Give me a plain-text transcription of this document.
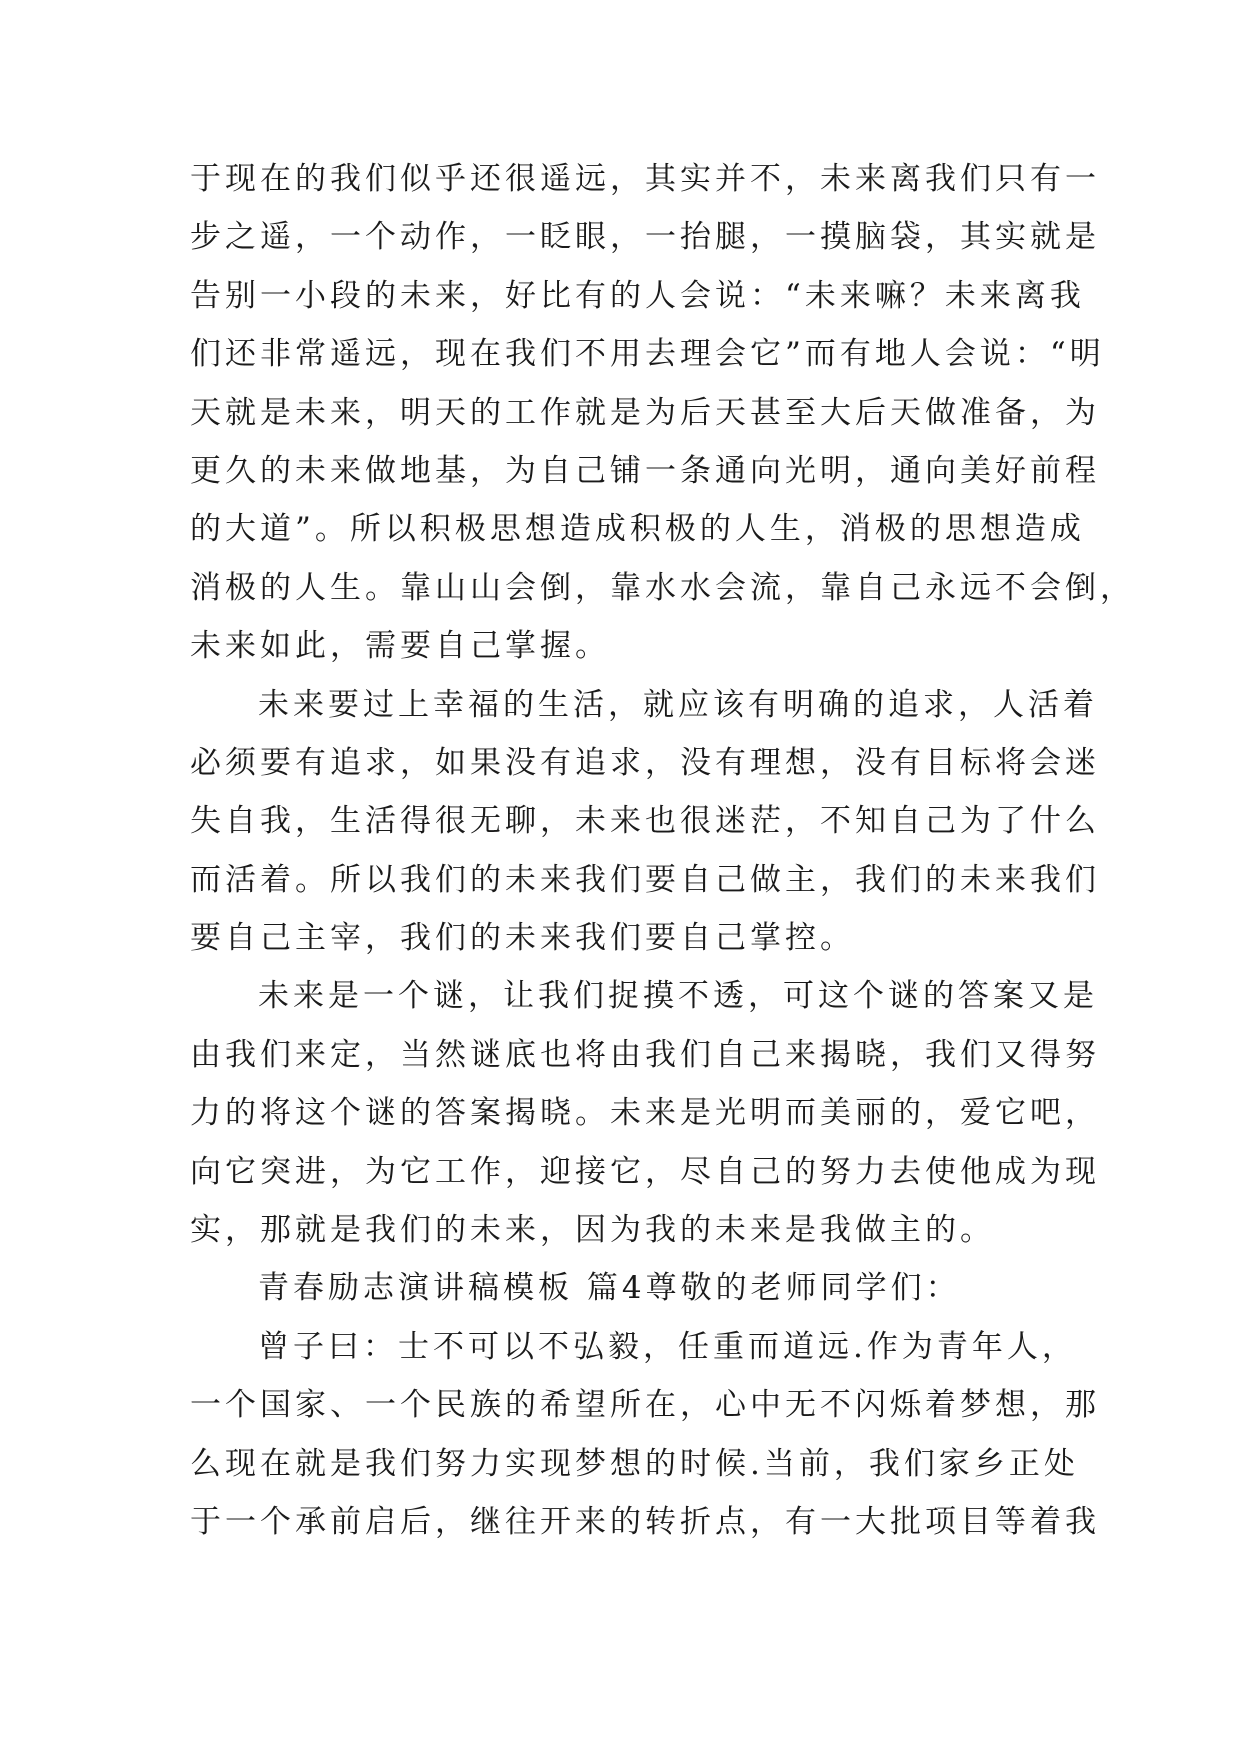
于现在的我们似乎还很遥远，其实并不，未来离我们只有一
步之遥，一个动作，一眨眼，一抬腿，一摸脑袋，其实就是
告别一小段的未来，好比有的人会说：“未来嘛？未来离我
们还非常遥远，现在我们不用去理会它”而有地人会说：“明
天就是未来，明天的工作就是为后天甚至大后天做准备，为
更久的未来做地基，为自己铺一条通向光明，通向美好前程
的大道”。所以积极思想造成积极的人生，消极的思想造成
消极的人生。靠山山会倒，靠水水会流，靠自己永远不会倒，
未来如此，需要自己掌握。
未来要过上幸福的生活，就应该有明确的追求，人活着
必须要有追求，如果没有追求，没有理想，没有目标将会迷
失自我，生活得很无聊，未来也很迷茫，不知自己为了什么
而活着。所以我们的未来我们要自己做主，我们的未来我们
要自己主宰，我们的未来我们要自己掌控。
未来是一个谜，让我们捉摸不透，可这个谜的答案又是
由我们来定，当然谜底也将由我们自己来揭晓，我们又得努
力的将这个谜的答案揭晓。未来是光明而美丽的，爱它吧，
向它突进，为它工作，迎接它，尽自己的努力去使他成为现
实，那就是我们的未来，因为我的未来是我做主的。
青春励志演讲稿模板 篇4尊敬的老师同学们：
曾子曰：士不可以不弘毅，任重而道远.作为青年人，
一个国家、一个民族的希望所在，心中无不闪烁着梦想，那
么现在就是我们努力实现梦想的时候.当前，我们家乡正处
于一个承前启后，继往开来的转折点，有一大批项目等着我
